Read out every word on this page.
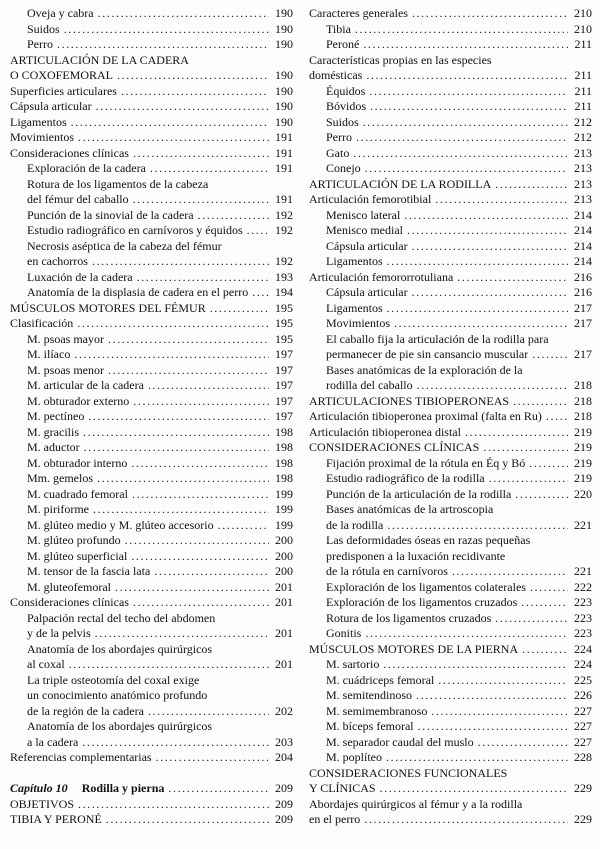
Oveja y cabra .....	190
Suidos .....	190
Perro .....	190
ARTICULACIÓN DE LA CADERA
O COXOFEMORAL .....	190
Superficies articulares .....	190
Cápsula articular .....	190
Ligamentos .....	190
Movimientos .....	191
Consideraciones clínicas .....	191
Exploración de la cadera .....	191
Rotura de los ligamentos de la cabeza
del fémur del caballo .....	191
Punción de la sinovial de la cadera .....	192
Estudio radiográfico en carnívoros y équidos .....	192
Necrosis aséptica de la cabeza del fémur
en cachorros .....	192
Luxación de la cadera .....	193
Anatomía de la displasia de cadera en el perro ..... 194
MÚSCULOS MOTORES DEL FÉMUR .....	195
Clasificación .....	195
M. psoas mayor .....	195
M. ilíaco .....	197
M. psoas menor .....	197
M. articular de la cadera .....	197
M. obturador externo .....	197
M. pectíneo .....	197
M. gracilis .....	198
M. aductor .....	198
M. obturador interno .....	198
Mm. gemelos .....	198
M. cuadrado femoral .....	199
M. piriforme .....	199
M. glúteo medio y M. glúteo accesorio .....	199
M. glúteo profundo .....	200
M. glúteo superficial .....	200
M. tensor de la fascia lata .....	200
M. gluteofemoral .....	201
Consideraciones clínicas .....	201
Palpación rectal del techo del abdomen
y de la pelvis .....	201
Anatomía de los abordajes quirúrgicos
al coxal .....	201
La triple osteotomía del coxal exige
un conocimiento anatómico profundo
de la región de la cadera .....	202
Anatomía de los abordajes quirúrgicos
a la cadera .....	203
Referencias complementarias .....	204
Capítulo 10 Rodilla y pierna .....	209
OBJETIVOS .....	209
TIBIA Y PERONÉ .....	209
Caracteres generales .....	210
Tibia .....	210
Peroné .....	211
Características propias en las especies
domésticas .....	211
Équidos .....	211
Bóvidos .....	211
Suidos .....	212
Perro .....	212
Gato .....	213
Conejo .....	213
ARTICULACIÓN DE LA RODILLA .....	213
Articulación femorotibial .....	213
Menisco lateral .....	214
Menisco medial .....	214
Cápsula articular .....	214
Ligamentos .....	214
Articulación femororrotuliana .....	216
Cápsula articular .....	216
Ligamentos .....	217
Movimientos .....	217
El caballo fija la articulación de la rodilla para
permanecer de pie sin cansancio muscular .....	217
Bases anatómicas de la exploración de la
rodilla del caballo .....	218
ARTICULACIONES TIBIOPERONEAS .....	218
Articulación tibioperonea proximal (falta en Ru) .....	218
Articulación tibioperonea distal .....	219
CONSIDERACIONES CLÍNICAS .....	219
Fijación proximal de la rótula en Éq y Bó .....	219
Estudio radiográfico de la rodilla .....	219
Punción de la articulación de la rodilla .....	220
Bases anatómicas de la artroscopia
de la rodilla .....	221
Las deformidades óseas en razas pequeñas
predisponen a la luxación recidivante
de la rótula en carnívoros .....	221
Exploración de los ligamentos colaterales .....	222
Exploración de los ligamentos cruzados .....	223
Rotura de los ligamentos cruzados .....	223
Gonitis .....	223
MÚSCULOS MOTORES DE LA PIERNA .....	224
M. sartorio .....	224
M. cuádriceps femoral .....	225
M. semitendinoso .....	226
M. semimembranoso .....	227
M. bíceps femoral .....	227
M. separador caudal del muslo .....	227
M. poplíteo .....	228
CONSIDERACIONES FUNCIONALES
Y CLÍNICAS .....	229
Abordajes quirúrgicos al fémur y a la rodilla
en el perro .....	229
